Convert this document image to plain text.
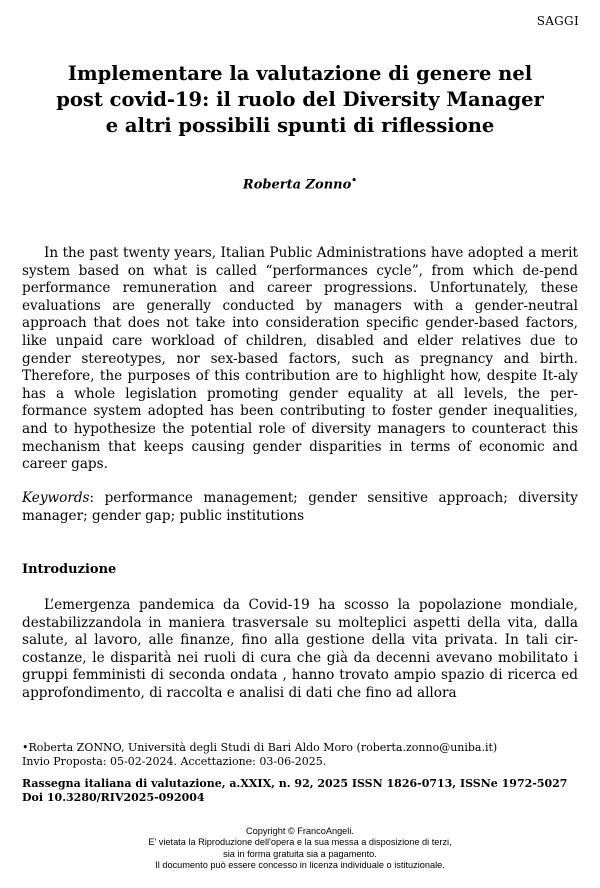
SAGGI
Implementare la valutazione di genere nel
post covid-19: il ruolo del Diversity Manager
e altri possibili spunti di riflessione
Roberta Zonno•

In the past twenty years, Italian Public Administrations have adopted a merit system based on what is called “performances cycle”, from which de-pend performance remuneration and career progressions. Unfortunately, these evaluations are generally conducted by managers with a gender-neutral approach that does not take into consideration specific gender-based factors, like unpaid care workload of children, disabled and elder relatives due to gender stereotypes, nor sex-based factors, such as pregnancy and birth. Therefore, the purposes of this contribution are to highlight how, despite It-aly has a whole legislation promoting gender equality at all levels, the per-formance system adopted has been contributing to foster gender inequalities, and to hypothesize the potential role of diversity managers to counteract this mechanism that keeps causing gender disparities in terms of economic and career gaps.

Keywords: performance management; gender sensitive approach; diversity manager; gender gap; public institutions

Introduzione

L’emergenza pandemica da Covid-19 ha scosso la popolazione mondiale, destabilizzandola in maniera trasversale su molteplici aspetti della vita, dalla salute, al lavoro, alle finanze, fino alla gestione della vita privata. In tali cir-costanze, le disparità nei ruoli di cura che già da decenni avevano mobilitato i gruppi femministi di seconda ondata , hanno trovato ampio spazio di ricerca ed approfondimento, di raccolta e analisi di dati che fino ad allora

•Roberta ZONNO, Università degli Studi di Bari Aldo Moro (roberta.zonno@uniba.it)
Invio Proposta: 05-02-2024. Accettazione: 03-06-2025.
Rassegna italiana di valutazione, a.XXIX, n. 92, 2025 ISSN 1826-0713, ISSNe 1972-5027
Doi 10.3280/RIV2025-092004
Copyright © FrancoAngeli.
E' vietata la Riproduzione dell'opera e la sua messa a disposizione di terzi,
sia in forma gratuita sia a pagamento.
Il documento può essere concesso in licenza individuale o istituzionale.
